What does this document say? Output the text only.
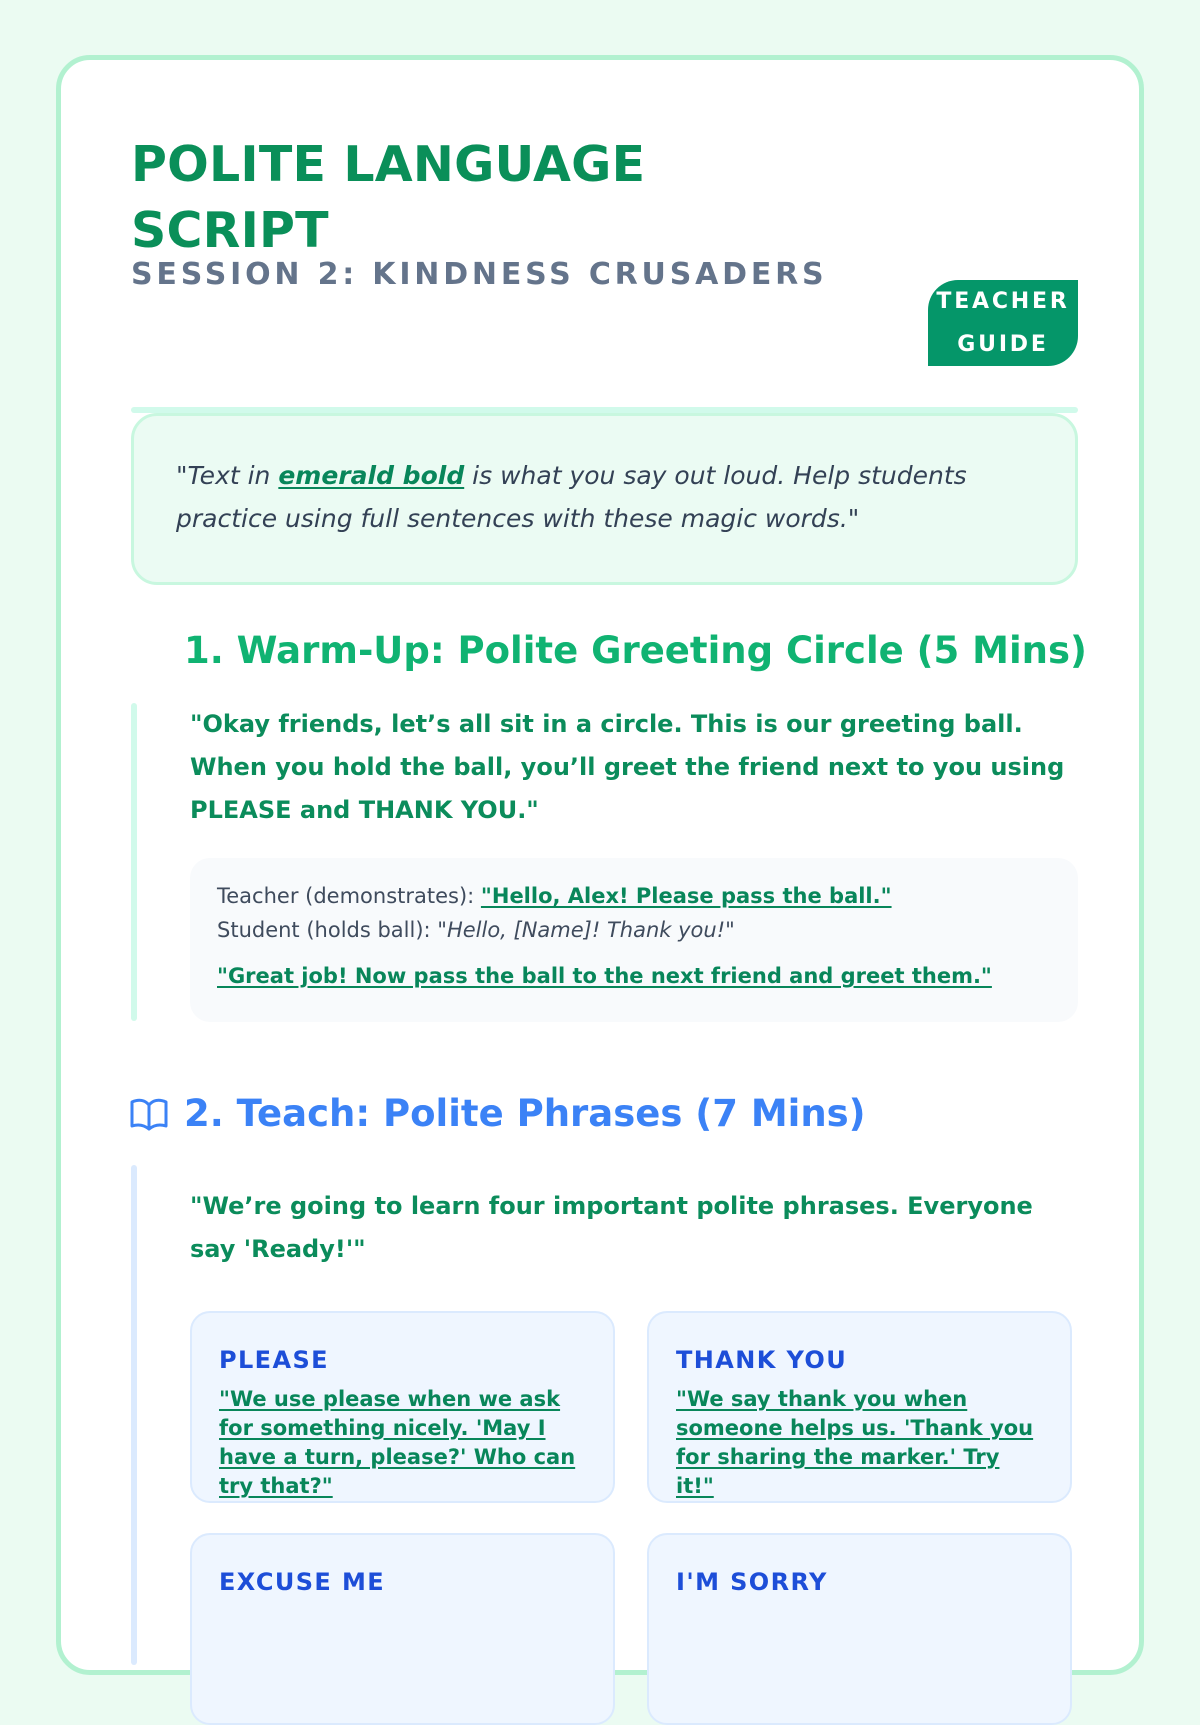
POLITE LANGUAGE SCRIPT
SESSION 2: KINDNESS CRUSADERS
TEACHER GUIDE
"Text in emerald bold is what you say out loud. Help students practice using full sentences with these magic words."
1. Warm-Up: Polite Greeting Circle (5 Mins)

"Okay friends, let’s all sit in a circle. This is our greeting ball. When you hold the ball, you’ll greet the friend next to you using PLEASE and THANK YOU."

Teacher (demonstrates): "Hello, Alex! Please pass the ball."
Student (holds ball): "Hello, [Name]! Thank you!"
"Great job! Now pass the ball to the next friend and greet them."
2. Teach: Polite Phrases (7 Mins)

"We’re going to learn four important polite phrases. Everyone say 'Ready!'"

PLEASE

"We use please when we ask for something nicely. 'May I have a turn, please?' Who can try that?"

THANK YOU

"We say thank you when someone helps us. 'Thank you for sharing the marker.' Try it!"

EXCUSE ME	I'M SORRY
